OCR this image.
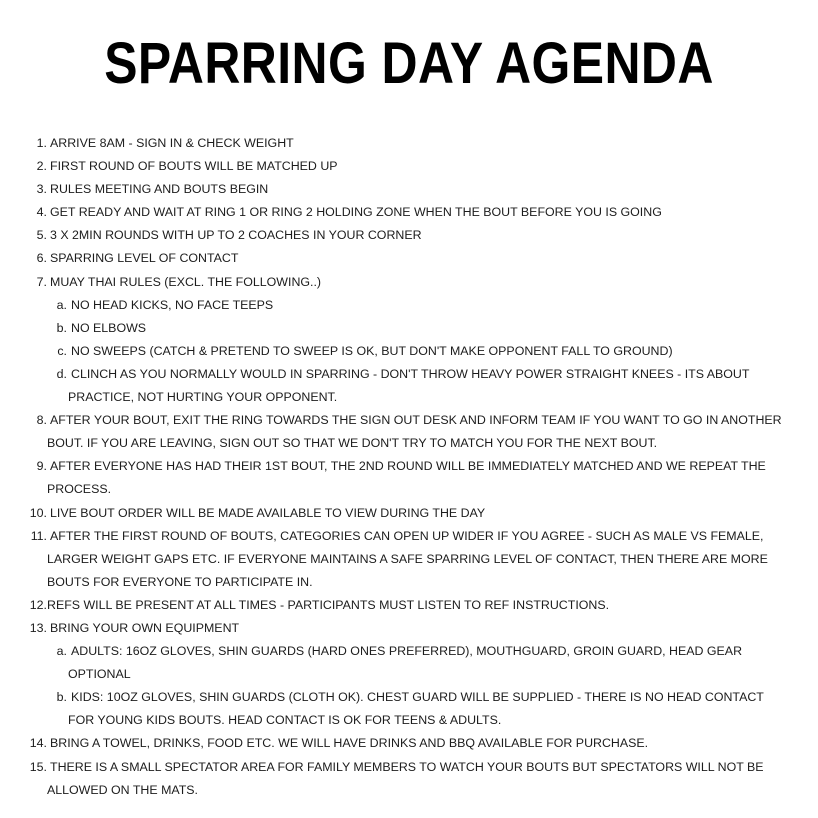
SPARRING DAY AGENDA
1. ARRIVE 8AM - SIGN IN & CHECK WEIGHT
2. FIRST ROUND OF BOUTS WILL BE MATCHED UP
3. RULES MEETING AND BOUTS BEGIN
4. GET READY AND WAIT AT RING 1 OR RING 2 HOLDING ZONE WHEN THE BOUT BEFORE YOU IS GOING
5. 3 X 2MIN ROUNDS WITH UP TO 2 COACHES IN YOUR CORNER
6. SPARRING LEVEL OF CONTACT
7. MUAY THAI RULES (EXCL. THE FOLLOWING..)
a. NO HEAD KICKS, NO FACE TEEPS
b. NO ELBOWS
c. NO SWEEPS (CATCH & PRETEND TO SWEEP IS OK, BUT DON'T MAKE OPPONENT FALL TO GROUND)
d. CLINCH AS YOU NORMALLY WOULD IN SPARRING - DON'T THROW HEAVY POWER STRAIGHT KNEES - ITS ABOUT
PRACTICE, NOT HURTING YOUR OPPONENT.
8. AFTER YOUR BOUT, EXIT THE RING TOWARDS THE SIGN OUT DESK AND INFORM TEAM IF YOU WANT TO GO IN ANOTHER
BOUT. IF YOU ARE LEAVING, SIGN OUT SO THAT WE DON'T TRY TO MATCH YOU FOR THE NEXT BOUT.
9. AFTER EVERYONE HAS HAD THEIR 1ST BOUT, THE 2ND ROUND WILL BE IMMEDIATELY MATCHED AND WE REPEAT THE
PROCESS.
10. LIVE BOUT ORDER WILL BE MADE AVAILABLE TO VIEW DURING THE DAY
11. AFTER THE FIRST ROUND OF BOUTS, CATEGORIES CAN OPEN UP WIDER IF YOU AGREE - SUCH AS MALE VS FEMALE,
LARGER WEIGHT GAPS ETC. IF EVERYONE MAINTAINS A SAFE SPARRING LEVEL OF CONTACT, THEN THERE ARE MORE
BOUTS FOR EVERYONE TO PARTICIPATE IN.
12. REFS WILL BE PRESENT AT ALL TIMES - PARTICIPANTS MUST LISTEN TO REF INSTRUCTIONS.
13. BRING YOUR OWN EQUIPMENT
a. ADULTS: 16OZ GLOVES, SHIN GUARDS (HARD ONES PREFERRED), MOUTHGUARD, GROIN GUARD, HEAD GEAR
OPTIONAL
b. KIDS: 10OZ GLOVES, SHIN GUARDS (CLOTH OK). CHEST GUARD WILL BE SUPPLIED - THERE IS NO HEAD CONTACT
FOR YOUNG KIDS BOUTS. HEAD CONTACT IS OK FOR TEENS & ADULTS.
14. BRING A TOWEL, DRINKS, FOOD ETC. WE WILL HAVE DRINKS AND BBQ AVAILABLE FOR PURCHASE.
15. THERE IS A SMALL SPECTATOR AREA FOR FAMILY MEMBERS TO WATCH YOUR BOUTS BUT SPECTATORS WILL NOT BE
ALLOWED ON THE MATS.
